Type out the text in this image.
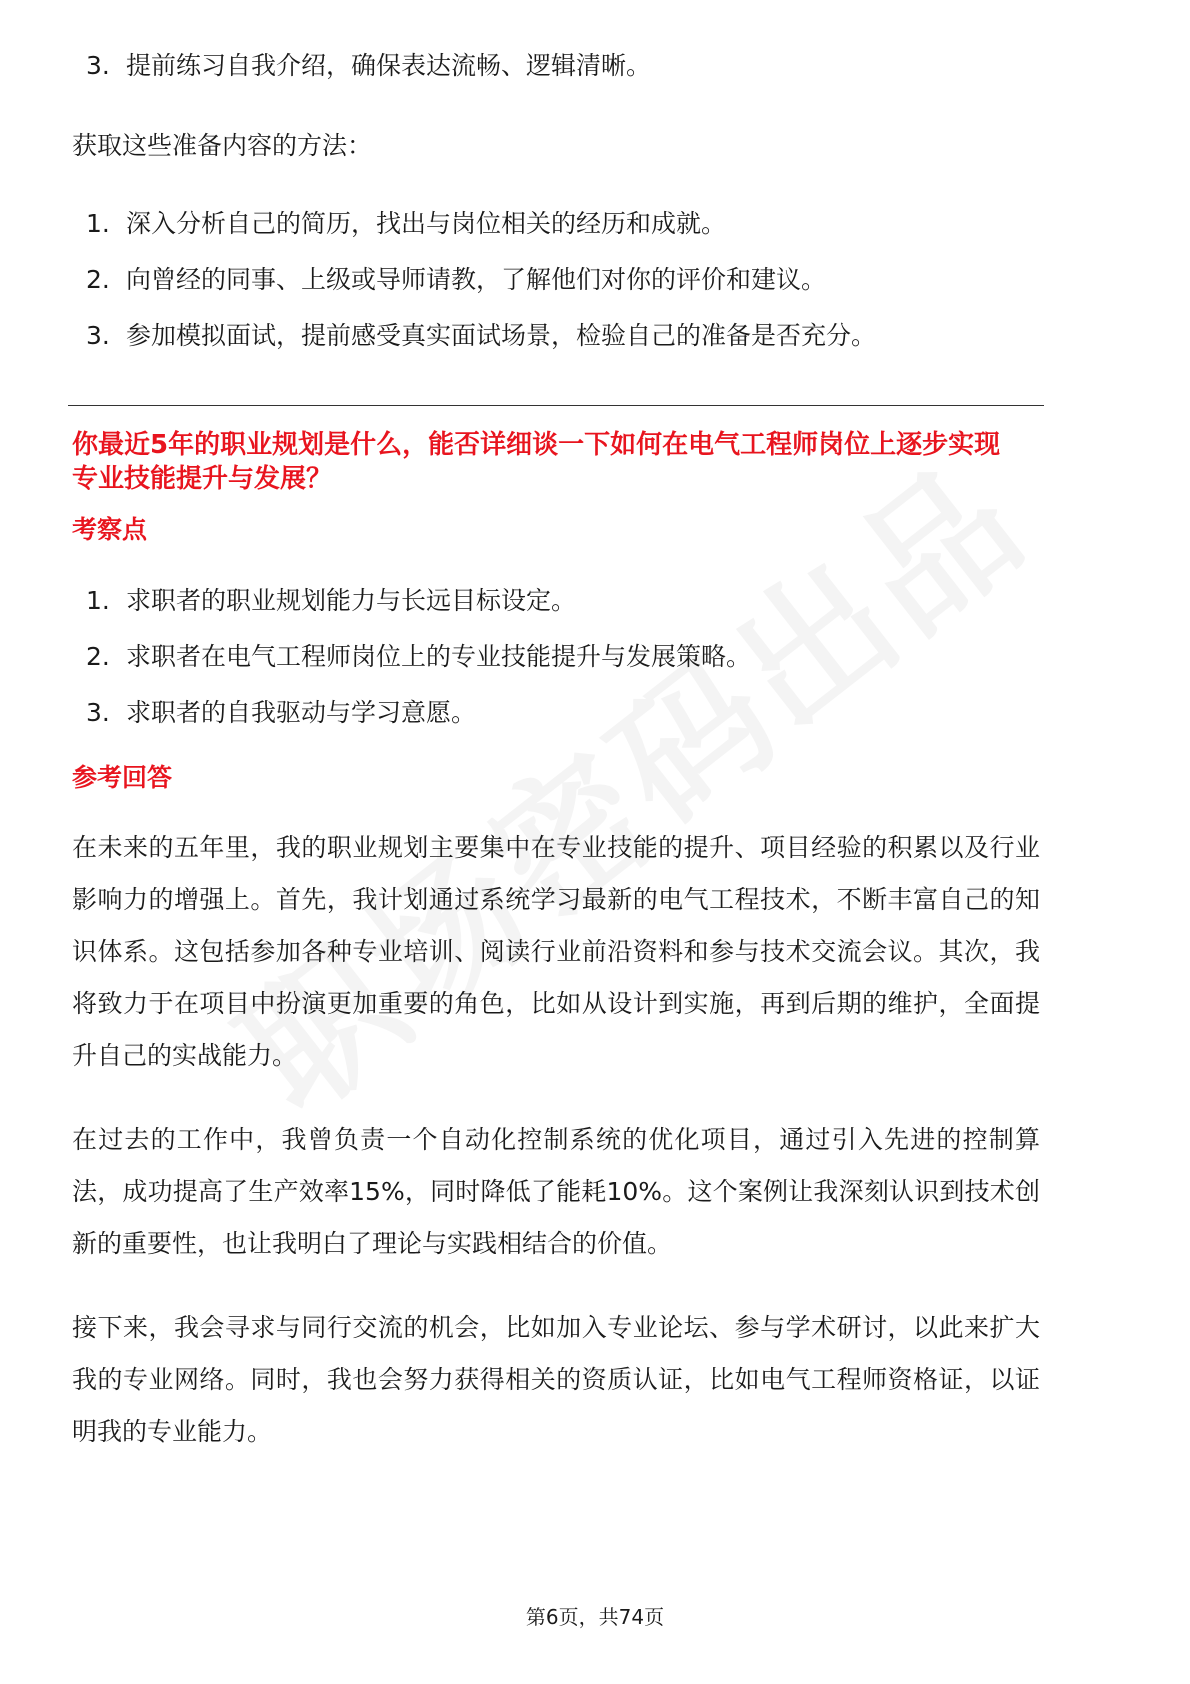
3. 提前练习自我介绍，确保表达流畅、逻辑清晰。

获取这些准备内容的方法：

1. 深入分析自己的简历，找出与岗位相关的经历和成就。
2. 向曾经的同事、上级或导师请教，了解他们对你的评价和建议。
3. 参加模拟面试，提前感受真实面试场景，检验自己的准备是否充分。

你最近5年的职业规划是什么，能否详细谈一下如何在电气工程师岗位上逐步实现

专业技能提升与发展？

考察点

1. 求职者的职业规划能力与长远目标设定。
2. 求职者在电气工程师岗位上的专业技能提升与发展策略。
3. 求职者的自我驱动与学习意愿。

参考回答

在未来的五年里，我的职业规划主要集中在专业技能的提升、项目经验的积累以及行业影响力的增强上。首先，我计划通过系统学习最新的电气工程技术，不断丰富自己的知识体系。这包括参加各种专业培训、阅读行业前沿资料和参与技术交流会议。其次，我将致力于在项目中扮演更加重要的角色，比如从设计到实施，再到后期的维护，全面提升自己的实战能力。

在过去的工作中，我曾负责一个自动化控制系统的优化项目，通过引入先进的控制算法，成功提高了生产效率15%，同时降低了能耗10%。这个案例让我深刻认识到技术创新的重要性，也让我明白了理论与实践相结合的价值。

接下来，我会寻求与同行交流的机会，比如加入专业论坛、参与学术研讨，以此来扩大我的专业网络。同时，我也会努力获得相关的资质认证，比如电气工程师资格证，以证明我的专业能力。

第6页，共74页
